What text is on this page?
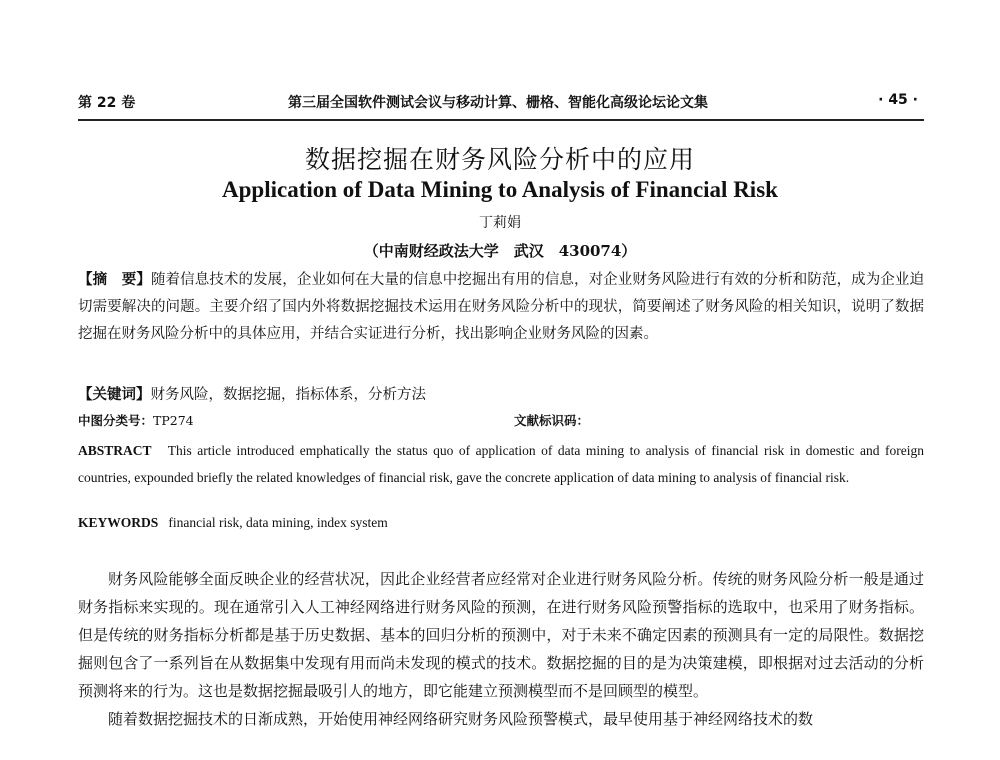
第 22 卷	第三届全国软件测试会议与移动计算、栅格、智能化高级论坛论文集	· 45 ·
数据挖掘在财务风险分析中的应用
Application of Data Mining to Analysis of Financial Risk
丁莉娟
（中南财经政法大学　武汉　430074）
【摘　要】随着信息技术的发展，企业如何在大量的信息中挖掘出有用的信息，对企业财务风险进行有效的分析和防范，成为企业迫切需要解决的问题。主要介绍了国内外将数据挖掘技术运用在财务风险分析中的现状，简要阐述了财务风险的相关知识，说明了数据挖掘在财务风险分析中的具体应用，并结合实证进行分析，找出影响企业财务风险的因素。
【关键词】财务风险，数据挖掘，指标体系，分析方法
中图分类号：TP274	文献标识码：
ABSTRACT This article introduced emphatically the status quo of application of data mining to analysis of financial risk in domestic and foreign countries, expounded briefly the related knowledges of financial risk, gave the concrete application of data mining to analysis of financial risk.
KEYWORDS financial risk, data mining, index system

财务风险能够全面反映企业的经营状况，因此企业经营者应经常对企业进行财务风险分析。传统的财务风险分析一般是通过财务指标来实现的。现在通常引入人工神经网络进行财务风险的预测，在进行财务风险预警指标的选取中，也采用了财务指标。但是传统的财务指标分析都是基于历史数据、基本的回归分析的预测中，对于未来不确定因素的预测具有一定的局限性。数据挖掘则包含了一系列旨在从数据集中发现有用而尚未发现的模式的技术。数据挖掘的目的是为决策建模，即根据对过去活动的分析预测将来的行为。这也是数据挖掘最吸引人的地方，即它能建立预测模型而不是回顾型的模型。

随着数据挖掘技术的日渐成熟，开始使用神经网络研究财务风险预警模式，最早使用基于神经网络技术的数
